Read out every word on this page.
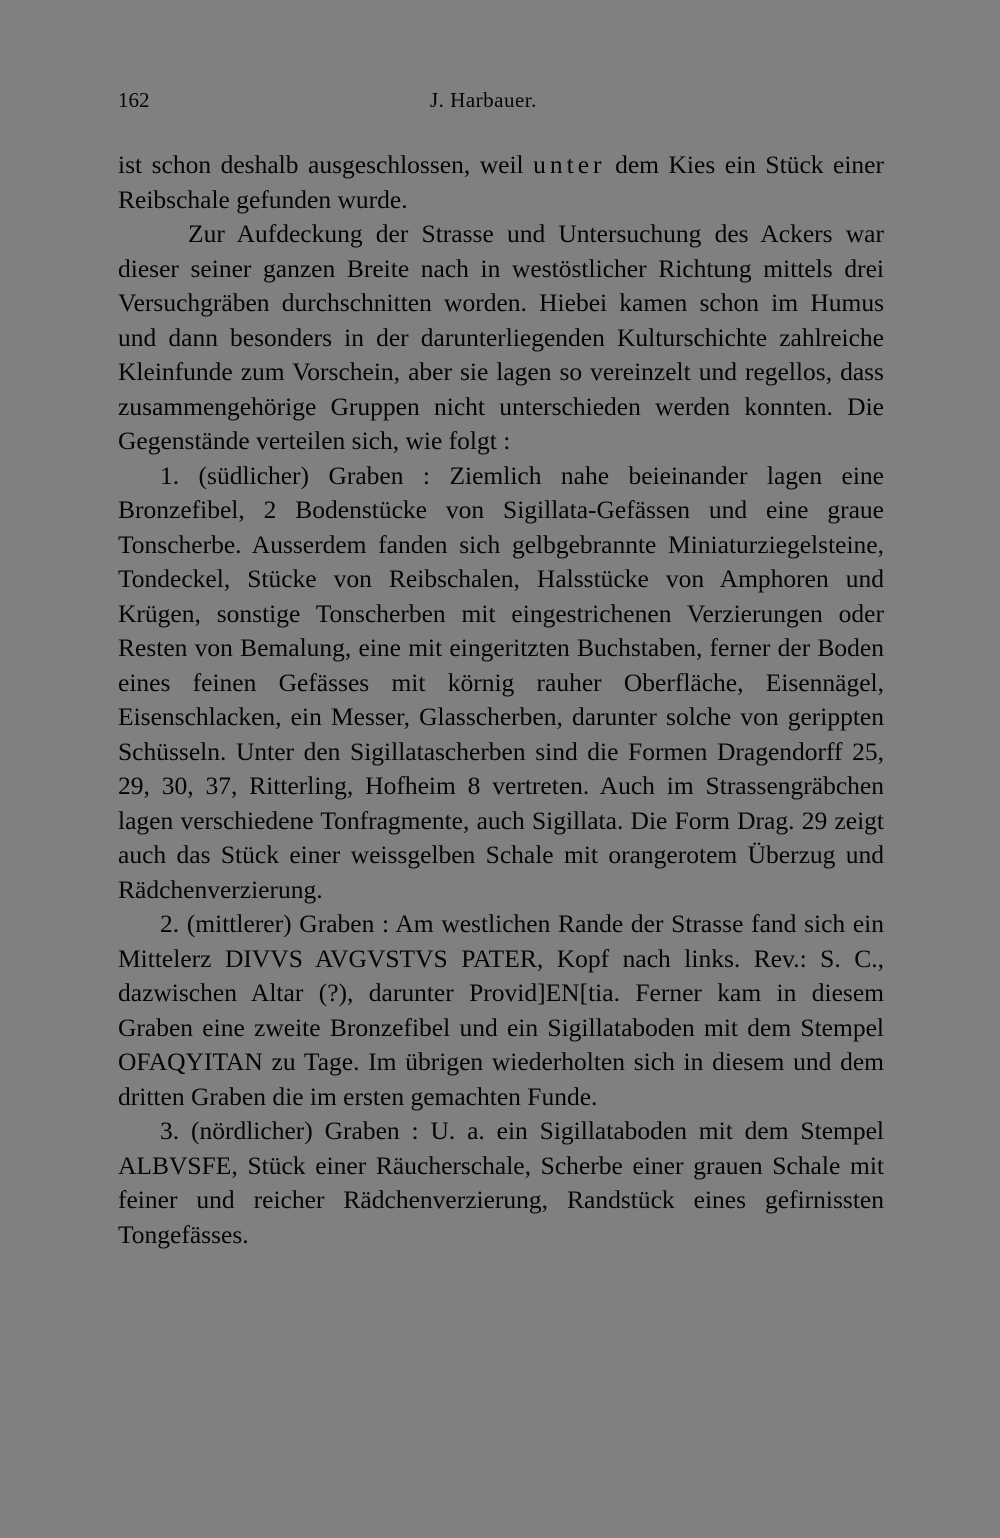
162	J. Harbauer.

ist schon deshalb ausgeschlossen, weil unter dem Kies ein Stück einer Reibschale gefunden wurde.

Zur Aufdeckung der Strasse und Untersuchung des Ackers war dieser seiner ganzen Breite nach in westöstlicher Richtung mittels drei Versuchgräben durchschnitten worden. Hiebei kamen schon im Humus und dann besonders in der darunterliegenden Kulturschichte zahlreiche Kleinfunde zum Vorschein, aber sie lagen so vereinzelt und regellos, dass zusammengehörige Gruppen nicht unterschieden werden konnten. Die Gegenstände verteilen sich, wie folgt :

1. (südlicher) Graben : Ziemlich nahe beieinander lagen eine Bronzefibel, 2 Bodenstücke von Sigillata-Gefässen und eine graue Tonscherbe. Ausserdem fanden sich gelbgebrannte Miniaturziegelsteine, Tondeckel, Stücke von Reibschalen, Halsstücke von Amphoren und Krügen, sonstige Tonscherben mit eingestrichenen Verzierungen oder Resten von Bemalung, eine mit eingeritzten Buchstaben, ferner der Boden eines feinen Gefässes mit körnig rauher Oberfläche, Eisennägel, Eisenschlacken, ein Messer, Glasscherben, darunter solche von gerippten Schüsseln. Unter den Sigillatascherben sind die Formen Dragendorff 25, 29, 30, 37, Ritterling, Hofheim 8 vertreten. Auch im Strassengräbchen lagen verschiedene Tonfragmente, auch Sigillata. Die Form Drag. 29 zeigt auch das Stück einer weissgelben Schale mit orangerotem Überzug und Rädchenverzierung.

2. (mittlerer) Graben : Am westlichen Rande der Strasse fand sich ein Mittelerz DIVVS AVGVSTVS PATER, Kopf nach links. Rev.: S. C., dazwischen Altar (?), darunter Provid]EN[tia. Ferner kam in diesem Graben eine zweite Bronzefibel und ein Sigillataboden mit dem Stempel OFAQYITAN zu Tage. Im übrigen wiederholten sich in diesem und dem dritten Graben die im ersten gemachten Funde.

3. (nördlicher) Graben : U. a. ein Sigillataboden mit dem Stempel ALBVSFE, Stück einer Räucherschale, Scherbe einer grauen Schale mit feiner und reicher Rädchenverzierung, Randstück eines gefirnissten Tongefässes.
